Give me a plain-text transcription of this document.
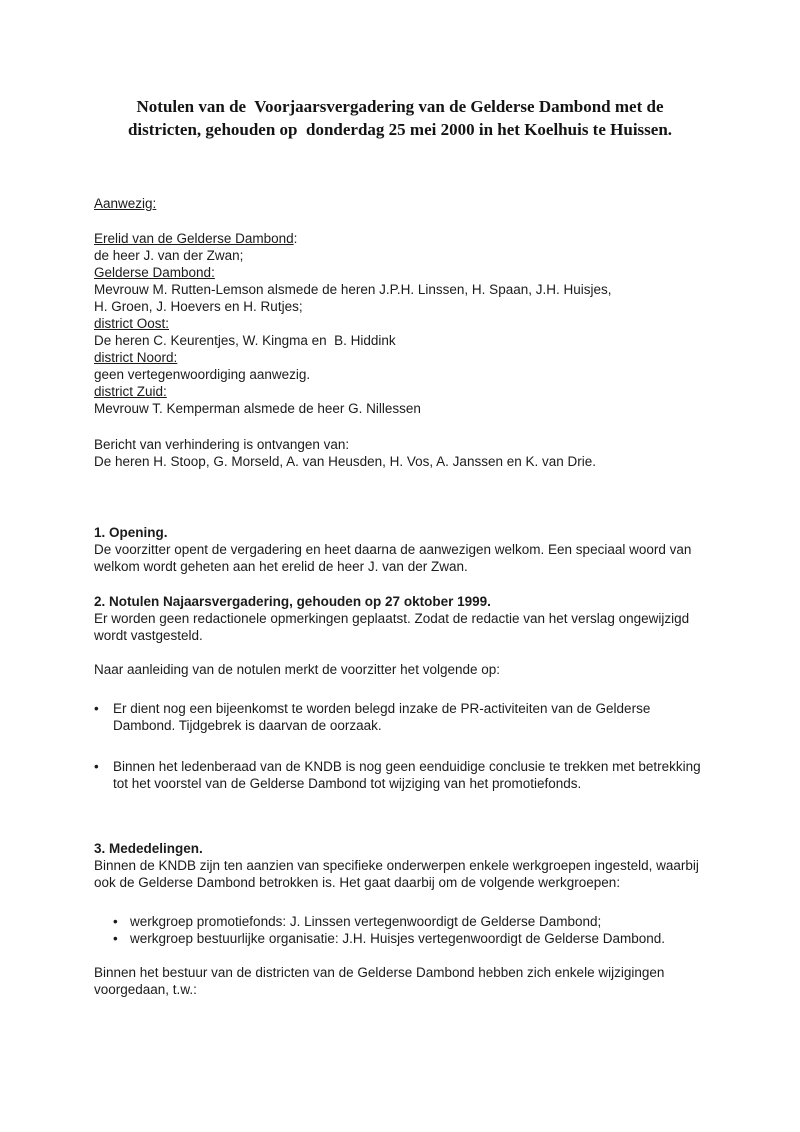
Notulen van de  Voorjaarsvergadering van de Gelderse Dambond met de
districten, gehouden op  donderdag 25 mei 2000 in het Koelhuis te Huissen.
Aanwezig:
Erelid van de Gelderse Dambond:
de heer J. van der Zwan;
Gelderse Dambond:
Mevrouw M. Rutten-Lemson alsmede de heren J.P.H. Linssen, H. Spaan, J.H. Huisjes,
H. Groen, J. Hoevers en H. Rutjes;
district Oost:
De heren C. Keurentjes, W. Kingma en  B. Hiddink
district Noord:
geen vertegenwoordiging aanwezig.
district Zuid:
Mevrouw T. Kemperman alsmede de heer G. Nillessen
Bericht van verhindering is ontvangen van:
De heren H. Stoop, G. Morseld, A. van Heusden, H. Vos, A. Janssen en K. van Drie.
1. Opening.
De voorzitter opent de vergadering en heet daarna de aanwezigen welkom. Een speciaal woord van welkom wordt geheten aan het erelid de heer J. van der Zwan.
2. Notulen Najaarsvergadering, gehouden op 27 oktober 1999.
Er worden geen redactionele opmerkingen geplaatst. Zodat de redactie van het verslag ongewijzigd wordt vastgesteld.
Naar aanleiding van de notulen merkt de voorzitter het volgende op:
•	Er dient nog een bijeenkomst te worden belegd inzake de PR-activiteiten van de Gelderse Dambond. Tijdgebrek is daarvan de oorzaak.
•	Binnen het ledenberaad van de KNDB is nog geen eenduidige conclusie te trekken met betrekking tot het voorstel van de Gelderse Dambond tot wijziging van het promotiefonds.
3. Mededelingen.
Binnen de KNDB zijn ten aanzien van specifieke onderwerpen enkele werkgroepen ingesteld, waarbij ook de Gelderse Dambond betrokken is. Het gaat daarbij om de volgende werkgroepen:
• werkgroep promotiefonds: J. Linssen vertegenwoordigt de Gelderse Dambond;
• werkgroep bestuurlijke organisatie: J.H. Huisjes vertegenwoordigt de Gelderse Dambond.
Binnen het bestuur van de districten van de Gelderse Dambond hebben zich enkele wijzigingen voorgedaan, t.w.:
